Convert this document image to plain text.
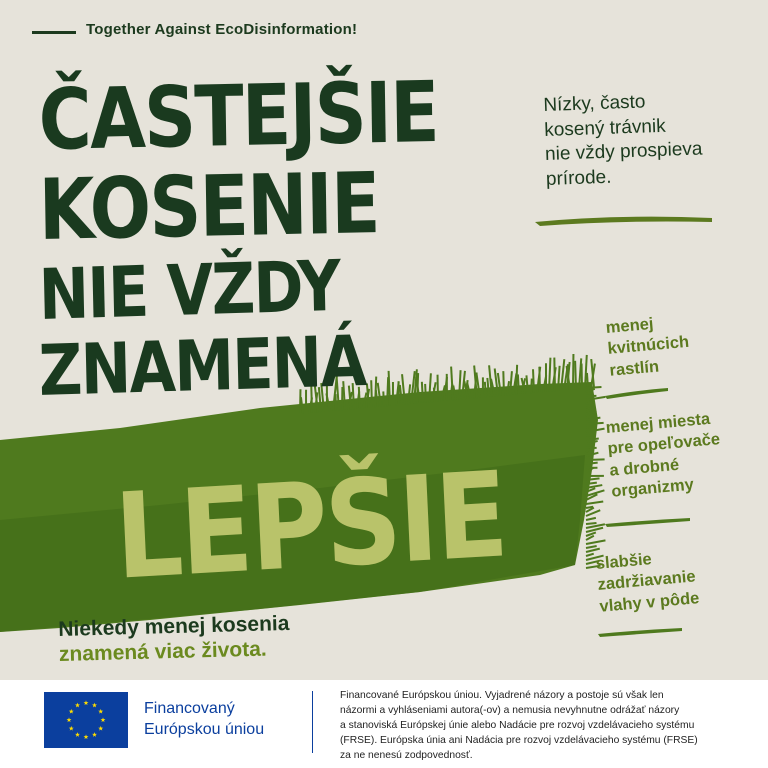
Together Against EcoDisinformation!
ČASTEJŠIE
KOSENIE
NIE VŽDY
ZNAMENÁ
LEPŠIE
Nízky, často
kosený trávnik
nie vždy prospieva
prírode.
menej
kvitnúcich
rastlín
menej miesta
pre opeľovače
a drobné
organizmy
slabšie
zadržiavanie
vlahy v pôde
Niekedy menej kosenia
znamená viac života.
Financovaný
Európskou úniou
Financované Európskou úniou. Vyjadrené názory a postoje sú však len
názormi a vyhláseniami autora(-ov) a nemusia nevyhnutne odrážať názory
a stanoviská Európskej únie alebo Nadácie pre rozvoj vzdelávacieho systému
(FRSE). Európska únia ani Nadácia pre rozvoj vzdelávacieho systému (FRSE)
za ne nenesú zodpovednosť.
